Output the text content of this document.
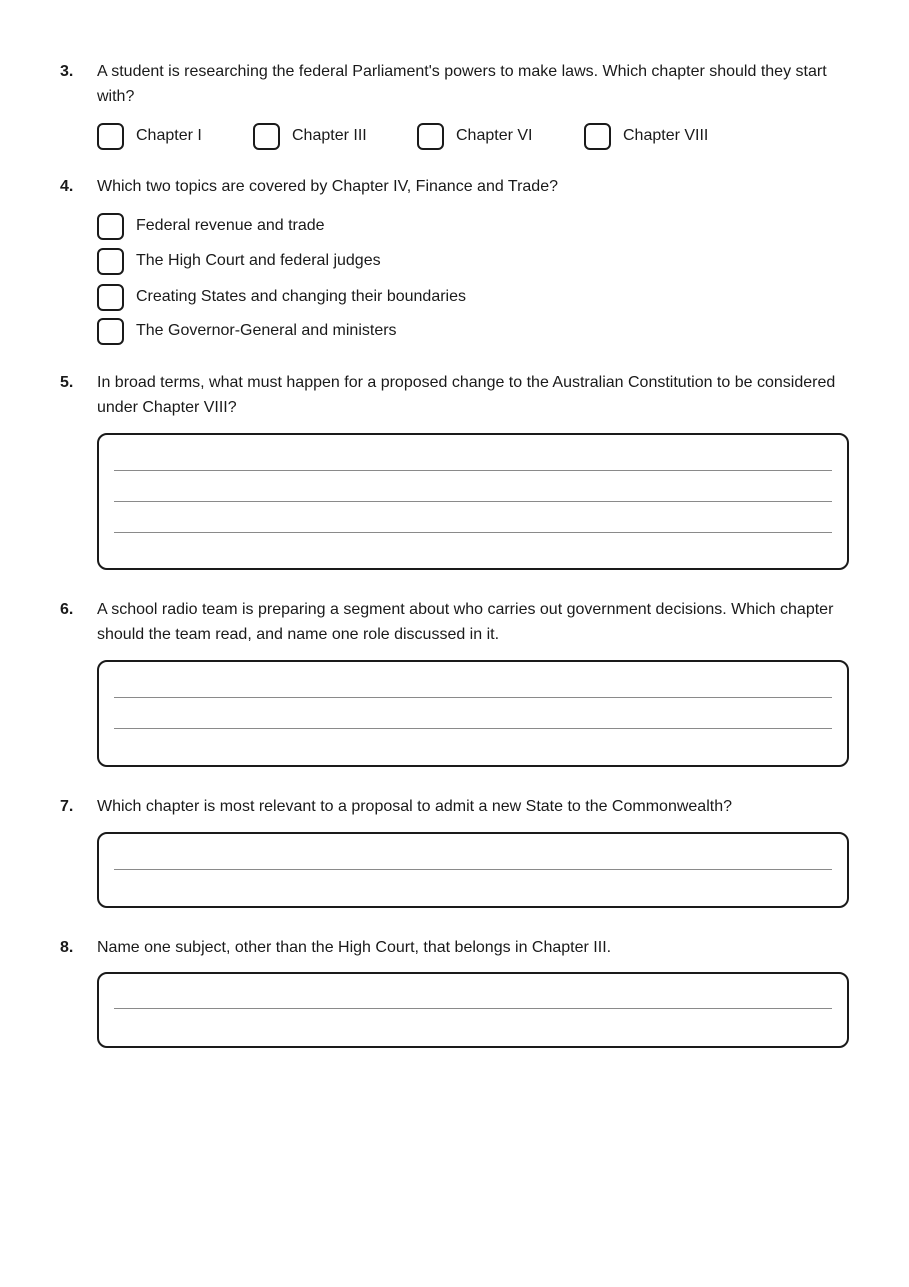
3. A student is researching the federal Parliament's powers to make laws. Which chapter should they start with?
Chapter I	Chapter III	Chapter VI	Chapter VIII
4. Which two topics are covered by Chapter IV, Finance and Trade?
Federal revenue and trade
The High Court and federal judges
Creating States and changing their boundaries
The Governor-General and ministers
5. In broad terms, what must happen for a proposed change to the Australian Constitution to be considered under Chapter VIII?
6. A school radio team is preparing a segment about who carries out government decisions. Which chapter should the team read, and name one role discussed in it.
7. Which chapter is most relevant to a proposal to admit a new State to the Commonwealth?
8. Name one subject, other than the High Court, that belongs in Chapter III.
